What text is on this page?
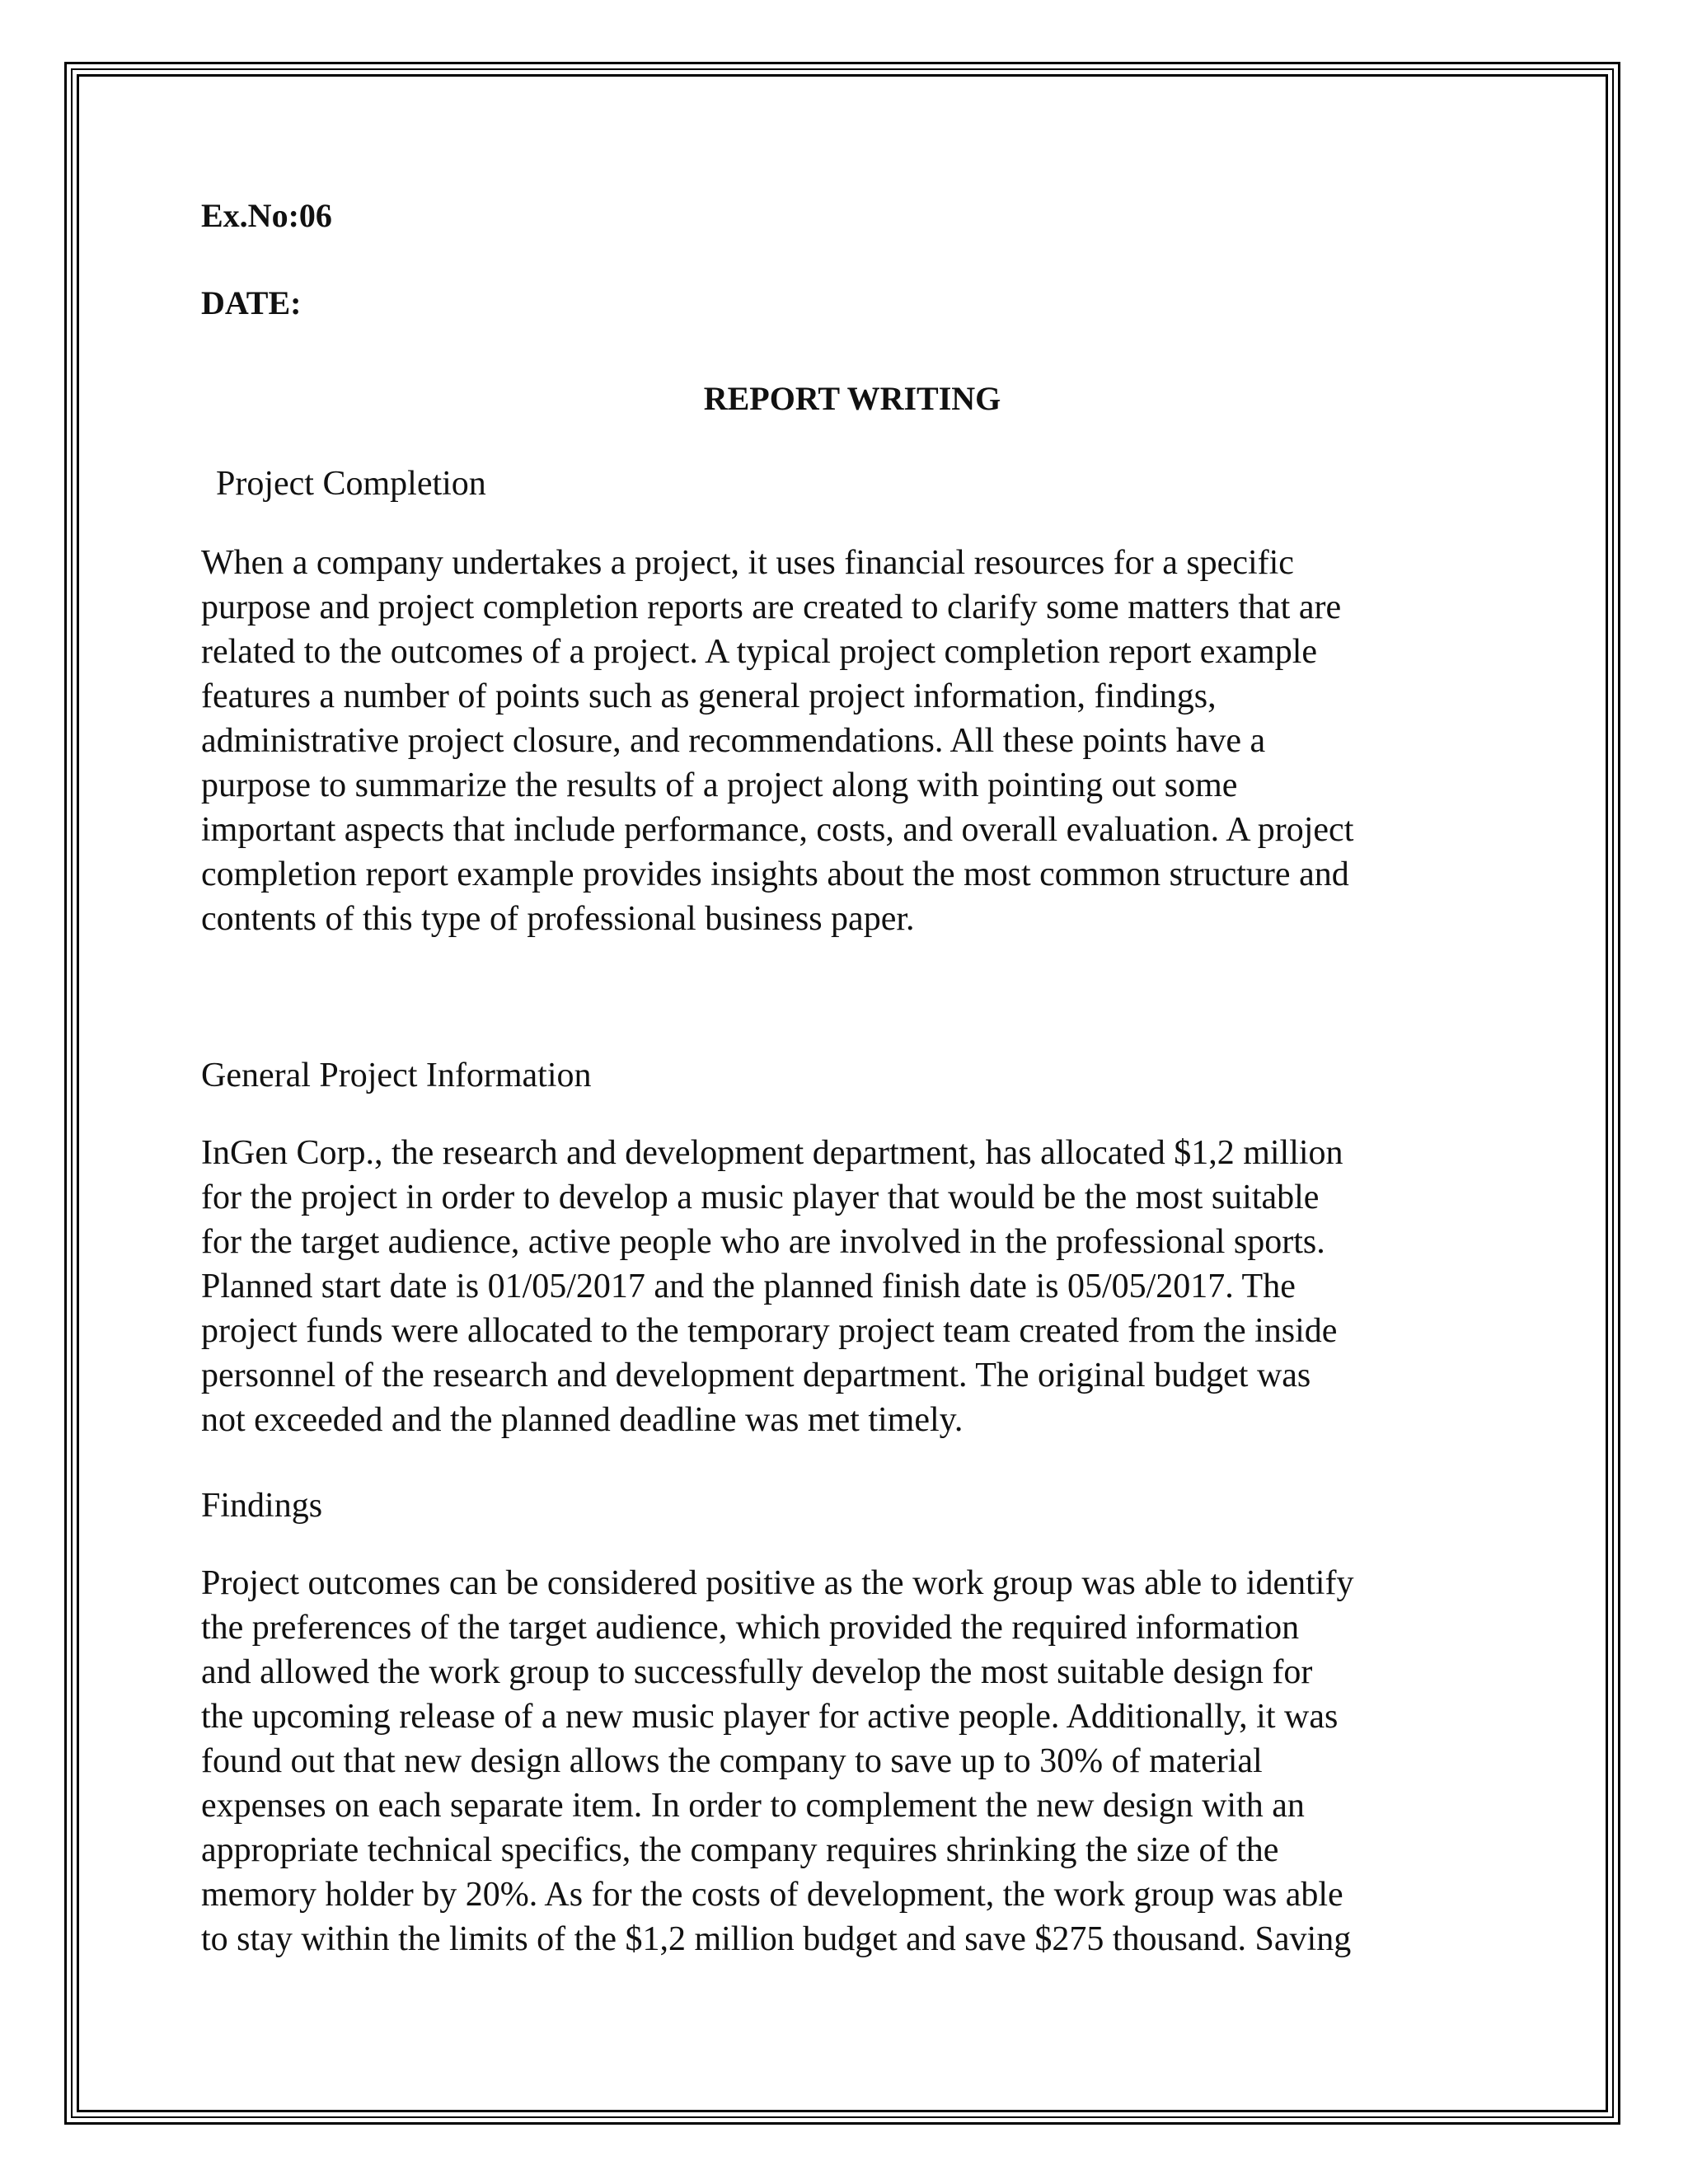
Ex.No:06

DATE:

REPORT WRITING

Project Completion

When a company undertakes a project, it uses financial resources for a specific
purpose and project completion reports are created to clarify some matters that are
related to the outcomes of a project. A typical project completion report example
features a number of points such as general project information, findings,
administrative project closure, and recommendations. All these points have a
purpose to summarize the results of a project along with pointing out some
important aspects that include performance, costs, and overall evaluation. A project
completion report example provides insights about the most common structure and
contents of this type of professional business paper.

General Project Information

InGen Corp., the research and development department, has allocated $1,2 million
for the project in order to develop a music player that would be the most suitable
for the target audience, active people who are involved in the professional sports.
Planned start date is 01/05/2017 and the planned finish date is 05/05/2017. The
project funds were allocated to the temporary project team created from the inside
personnel of the research and development department. The original budget was
not exceeded and the planned deadline was met timely.

Findings

Project outcomes can be considered positive as the work group was able to identify
the preferences of the target audience, which provided the required information
and allowed the work group to successfully develop the most suitable design for
the upcoming release of a new music player for active people. Additionally, it was
found out that new design allows the company to save up to 30% of material
expenses on each separate item. In order to complement the new design with an
appropriate technical specifics, the company requires shrinking the size of the
memory holder by 20%. As for the costs of development, the work group was able
to stay within the limits of the $1,2 million budget and save $275 thousand. Saving
